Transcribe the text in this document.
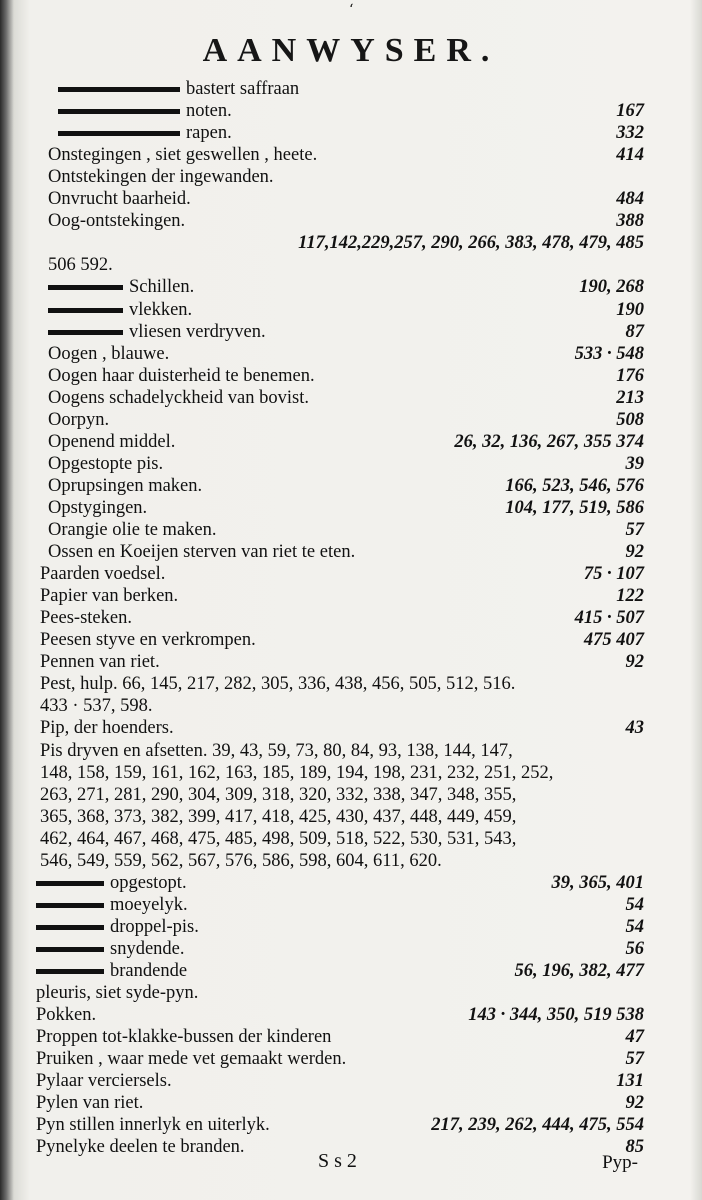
ʻ
AANWYSER.
bastert saffraan
noten.	167
rapen.	332
Onstegingen , siet geswellen , heete.	414
Ontstekingen der ingewanden.
Onvrucht baarheid.	484
Oog-ontstekingen.	388
117,142,229,257, 290, 266, 383, 478, 479, 485
506 592.
Schillen.	190, 268
vlekken.	190
vliesen verdryven.	87
Oogen , blauwe.	533 · 548
Oogen haar duisterheid te benemen.	176
Oogens schadelyckheid van bovist.	213
Oorpyn.	508
Openend middel.	26, 32, 136, 267, 355 374
Opgestopte pis.	39
Oprupsingen maken.	166, 523, 546, 576
Opstygingen.	104, 177, 519, 586
Orangie olie te maken.	57
Ossen en Koeijen sterven van riet te eten.	92
Paarden voedsel.	75 · 107
Papier van berken.	122
Pees-steken.	415 · 507
Peesen styve en verkrompen.	475 407
Pennen van riet.	92
Pest, hulp. 66, 145, 217, 282, 305, 336, 438, 456, 505, 512, 516.
433 · 537, 598.
Pip, der hoenders.	43
Pis dryven en afsetten. 39, 43, 59, 73, 80, 84, 93, 138, 144, 147,
148, 158, 159, 161, 162, 163, 185, 189, 194, 198, 231, 232, 251, 252,
263, 271, 281, 290, 304, 309, 318, 320, 332, 338, 347, 348, 355,
365, 368, 373, 382, 399, 417, 418, 425, 430, 437, 448, 449, 459,
462, 464, 467, 468, 475, 485, 498, 509, 518, 522, 530, 531, 543,
546, 549, 559, 562, 567, 576, 586, 598, 604, 611, 620.
opgestopt.	39, 365, 401
moeyelyk.	54
droppel-pis.	54
snydende.	56
brandende	56, 196, 382, 477
pleuris, siet syde-pyn.
Pokken.	143 · 344, 350, 519 538
Proppen tot-klakke-bussen der kinderen	47
Pruiken , waar mede vet gemaakt werden.	57
Pylaar verciersels.	131
Pylen van riet.	92
Pyn stillen innerlyk en uiterlyk.	217, 239, 262, 444, 475, 554
Pynelyke deelen te branden.	85
S s 2	Pyp-
